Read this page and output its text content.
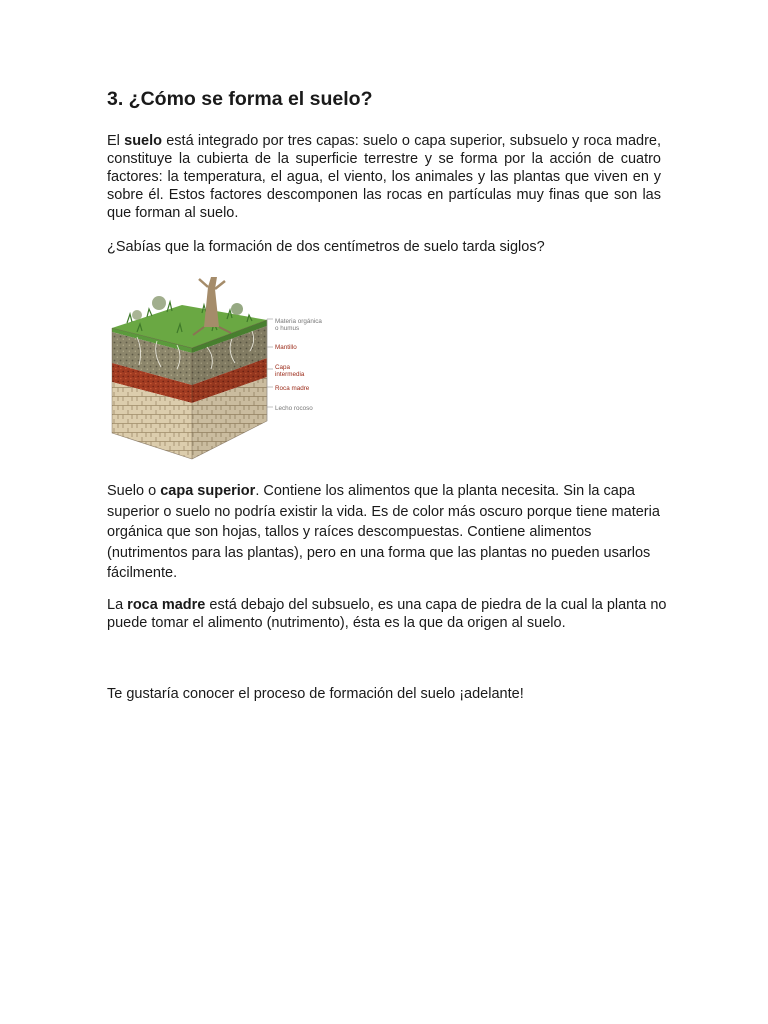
3. ¿Cómo se forma el suelo?

El suelo está integrado por tres capas: suelo o capa superior, subsuelo y roca madre, constituye la cubierta de la superficie terrestre y se forma por la acción de cuatro factores: la temperatura, el agua, el viento, los animales y las plantas que viven en y sobre él. Estos factores descomponen las rocas en partículas muy finas que son las que forman al suelo.

¿Sabías que la formación de dos centímetros de suelo tarda siglos?

Materia orgánica
o humus
Mantillo
Capa
intermedia
Roca madre
Lecho rocoso

Suelo o capa superior. Contiene los alimentos que la planta necesita. Sin la capa superior o suelo no podría existir la vida. Es de color más oscuro porque tiene materia orgánica que son hojas, tallos y raíces descompuestas. Contiene alimentos (nutrimentos para las plantas), pero en una forma que las plantas no pueden usarlos fácilmente.

La roca madre está debajo del subsuelo, es una capa de piedra de la cual la planta no puede tomar el alimento (nutrimento), ésta es la que da origen al suelo.

Te gustaría conocer el proceso de formación del suelo ¡adelante!
